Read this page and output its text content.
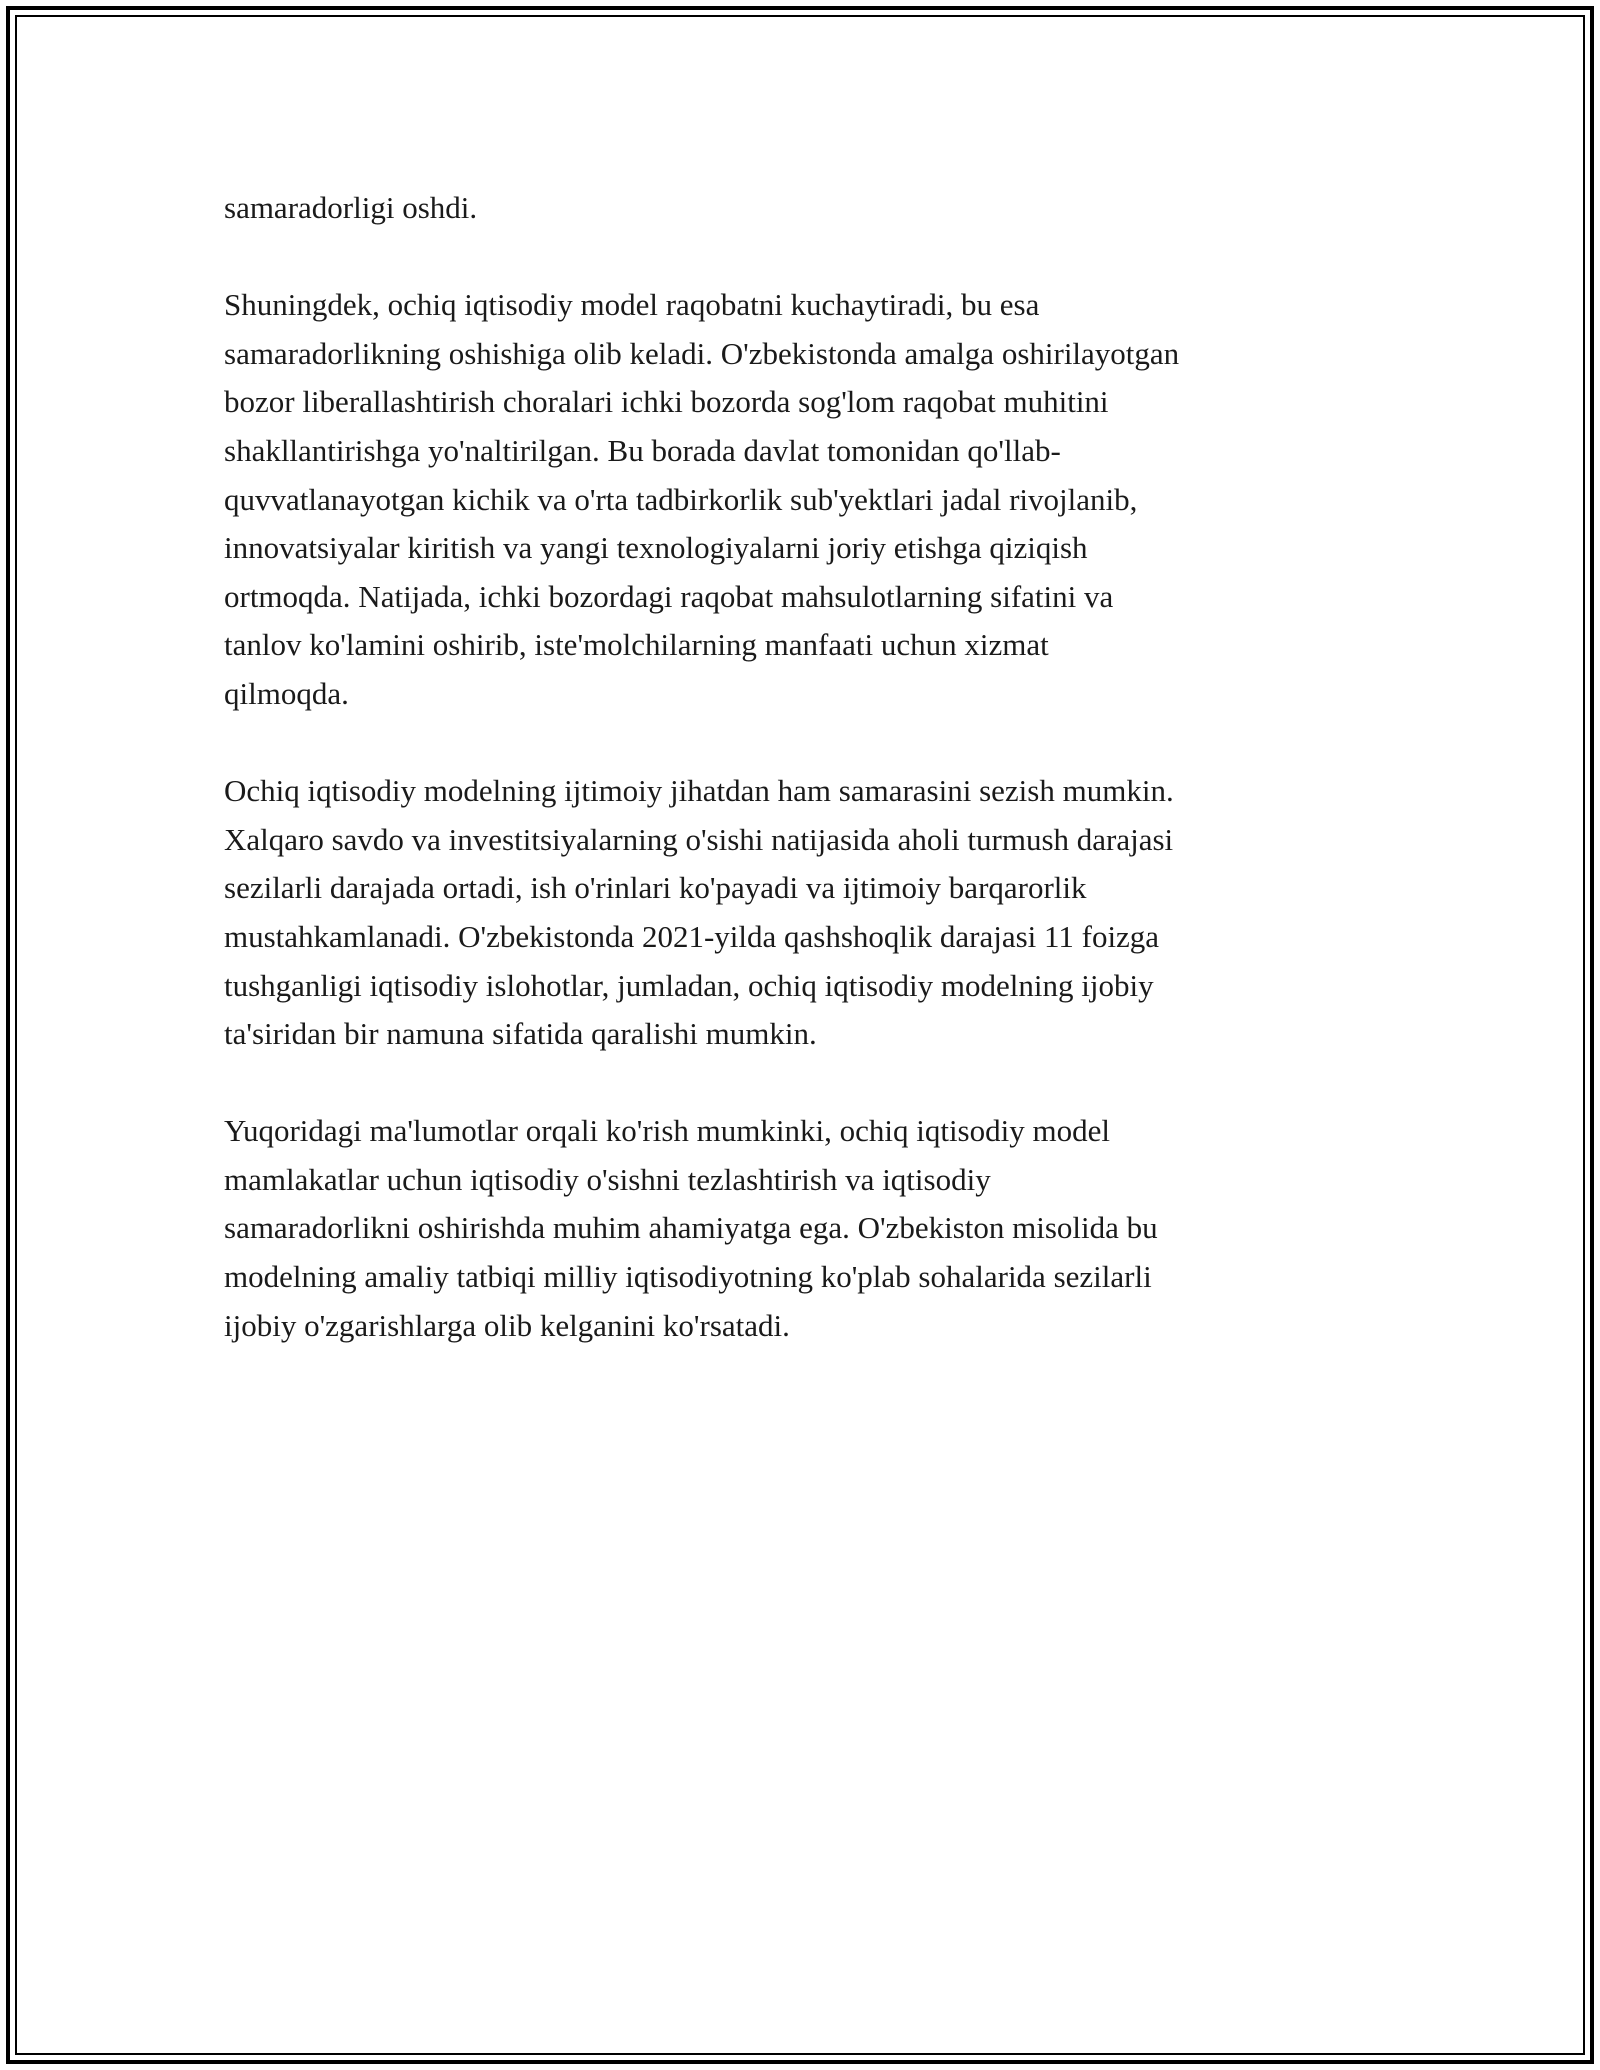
samaradorligi oshdi.

Shuningdek, ochiq iqtisodiy model raqobatni kuchaytiradi, bu esa
samaradorlikning oshishiga olib keladi. O'zbekistonda amalga oshirilayotgan
bozor liberallashtirish choralari ichki bozorda sog'lom raqobat muhitini
shakllantirishga yo'naltirilgan. Bu borada davlat tomonidan qo'llab-
quvvatlanayotgan kichik va o'rta tadbirkorlik sub'yektlari jadal rivojlanib,
innovatsiyalar kiritish va yangi texnologiyalarni joriy etishga qiziqish
ortmoqda. Natijada, ichki bozordagi raqobat mahsulotlarning sifatini va
tanlov ko'lamini oshirib, iste'molchilarning manfaati uchun xizmat
qilmoqda.

Ochiq iqtisodiy modelning ijtimoiy jihatdan ham samarasini sezish mumkin.
Xalqaro savdo va investitsiyalarning o'sishi natijasida aholi turmush darajasi
sezilarli darajada ortadi, ish o'rinlari ko'payadi va ijtimoiy barqarorlik
mustahkamlanadi. O'zbekistonda 2021-yilda qashshoqlik darajasi 11 foizga
tushganligi iqtisodiy islohotlar, jumladan, ochiq iqtisodiy modelning ijobiy
ta'siridan bir namuna sifatida qaralishi mumkin.

Yuqoridagi ma'lumotlar orqali ko'rish mumkinki, ochiq iqtisodiy model
mamlakatlar uchun iqtisodiy o'sishni tezlashtirish va iqtisodiy
samaradorlikni oshirishda muhim ahamiyatga ega. O'zbekiston misolida bu
modelning amaliy tatbiqi milliy iqtisodiyotning ko'plab sohalarida sezilarli
ijobiy o'zgarishlarga olib kelganini ko'rsatadi.
